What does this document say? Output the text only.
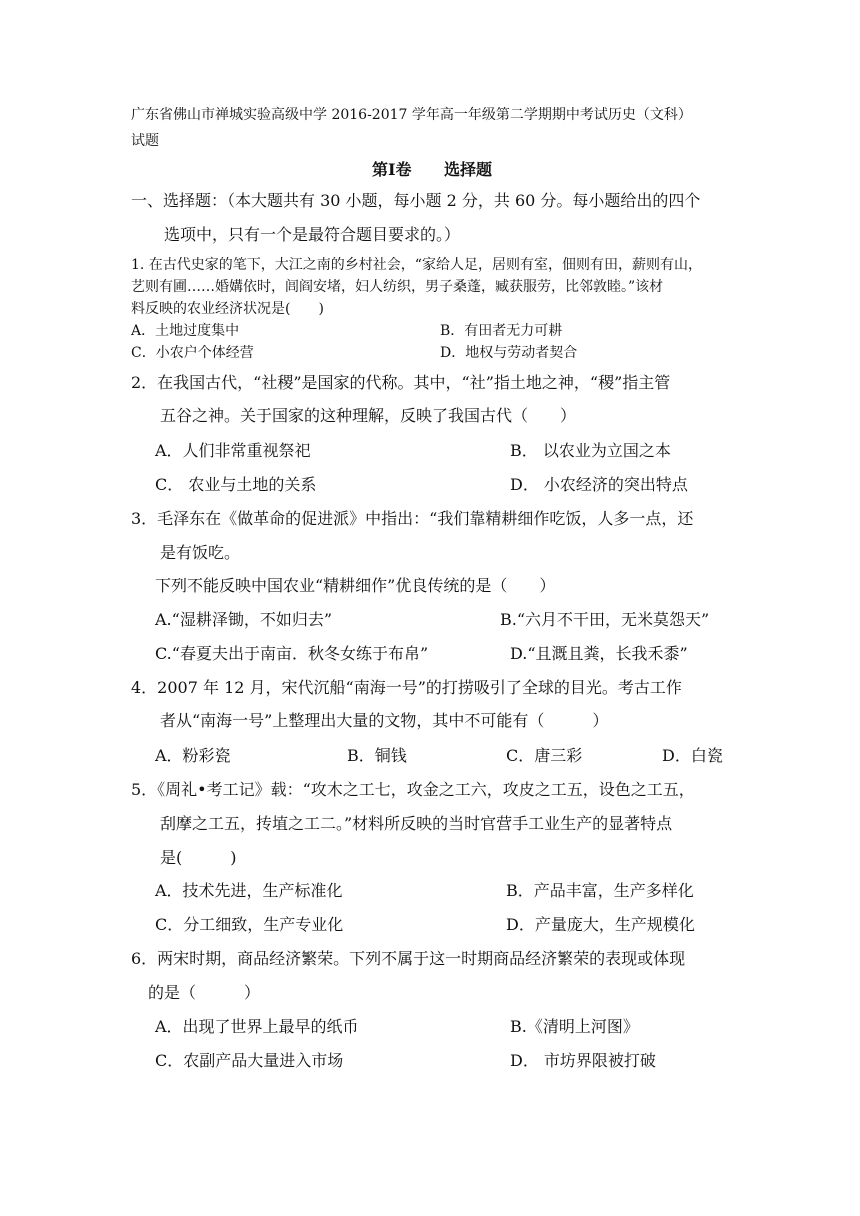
广东省佛山市禅城实验高级中学 2016-2017 学年高一年级第二学期期中考试历史（文科）
试题
第Ⅰ卷 选择题
一、选择题：（本大题共有 30 小题，每小题 2 分，共 60 分。每小题给出的四个
选项中，只有一个是最符合题目要求的。）
1. 在古代史家的笔下，大江之南的乡村社会，“家给人足，居则有室，佃则有田，薪则有山，
艺则有圃……婚媾依时，闾阎安堵，妇人纺织，男子桑蓬，臧获服劳，比邻敦睦。”该材
料反映的农业经济状况是(　　)
A．土地过度集中	B．有田者无力可耕
C．小农户个体经营	D．地权与劳动者契合
2．在我国古代，“社稷”是国家的代称。其中，“社”指土地之神，“稷”指主管
五谷之神。关于国家的这种理解，反映了我国古代（　　）
A．人们非常重视祭祀	B． 以农业为立国之本
C． 农业与土地的关系	D． 小农经济的突出特点
3．毛泽东在《做革命的促进派》中指出：“我们靠精耕细作吃饭，人多一点，还
是有饭吃。
下列不能反映中国农业“精耕细作”优良传统的是（　　）
A.“湿耕泽锄，不如归去”	B.“六月不干田，无米莫怨天”
C.“春夏夫出于南亩．秋冬女练于布帛”	D.“且溉且粪，长我禾黍”
4．2007 年 12 月，宋代沉船“南海一号”的打捞吸引了全球的目光。考古工作
者从“南海一号”上整理出大量的文物，其中不可能有（　　　）
A．粉彩瓷	B．铜钱	C．唐三彩	D．白瓷
5．《周礼•考工记》载：“攻木之工七，攻金之工六，攻皮之工五，设色之工五，
刮摩之工五，抟埴之工二。”材料所反映的当时官营手工业生产的显著特点
是(　　　)
A．技术先进，生产标准化	B．产品丰富，生产多样化
C．分工细致，生产专业化	D．产量庞大，生产规模化
6．两宋时期，商品经济繁荣。下列不属于这一时期商品经济繁荣的表现或体现
的是（　　　）
A．出现了世界上最早的纸币	B.《清明上河图》
C．农副产品大量进入市场	D． 市坊界限被打破
